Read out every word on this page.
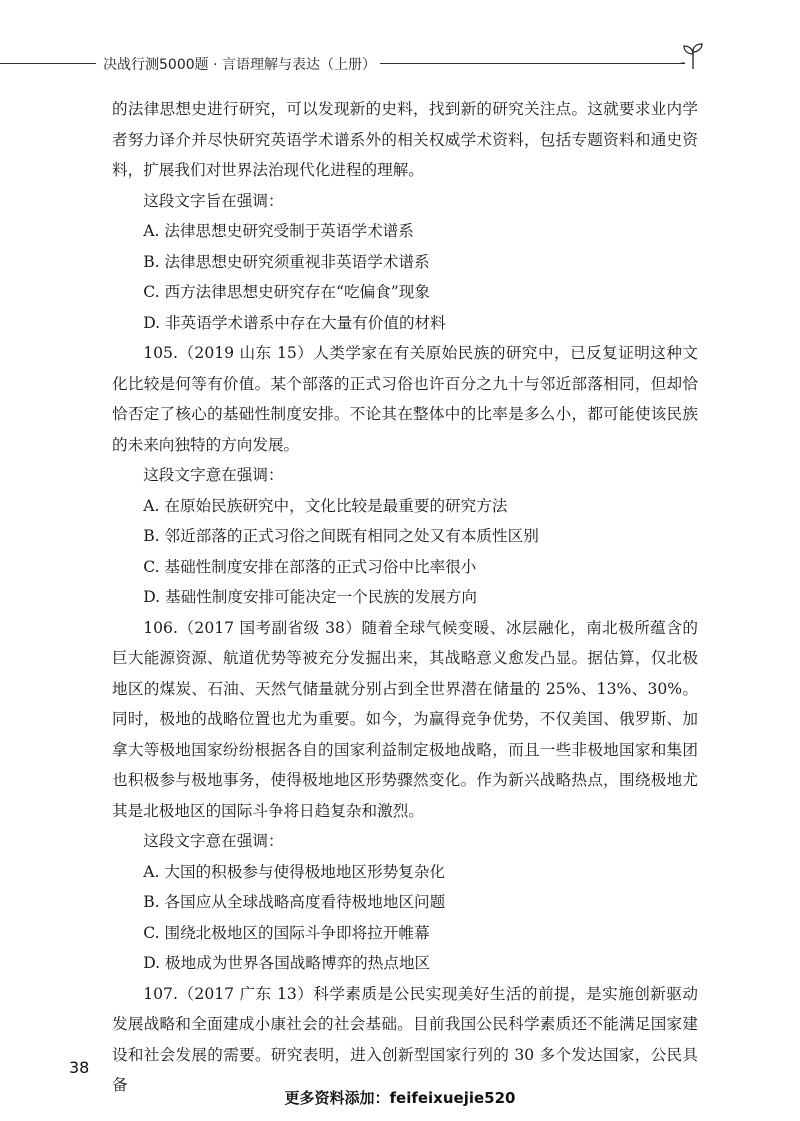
决战行测5000题 · 言语理解与表达（上册）

的法律思想史进行研究，可以发现新的史料，找到新的研究关注点。这就要求业内学者努力译介并尽快研究英语学术谱系外的相关权威学术资料，包括专题资料和通史资料，扩展我们对世界法治现代化进程的理解。

这段文字旨在强调：

A. 法律思想史研究受制于英语学术谱系

B. 法律思想史研究须重视非英语学术谱系

C. 西方法律思想史研究存在“吃偏食”现象

D. 非英语学术谱系中存在大量有价值的材料

105.（2019 山东 15）人类学家在有关原始民族的研究中，已反复证明这种文化比较是何等有价值。某个部落的正式习俗也许百分之九十与邻近部落相同，但却恰恰否定了核心的基础性制度安排。不论其在整体中的比率是多么小，都可能使该民族的未来向独特的方向发展。

这段文字意在强调：

A. 在原始民族研究中，文化比较是最重要的研究方法

B. 邻近部落的正式习俗之间既有相同之处又有本质性区别

C. 基础性制度安排在部落的正式习俗中比率很小

D. 基础性制度安排可能决定一个民族的发展方向

106.（2017 国考副省级 38）随着全球气候变暖、冰层融化，南北极所蕴含的巨大能源资源、航道优势等被充分发掘出来，其战略意义愈发凸显。据估算，仅北极地区的煤炭、石油、天然气储量就分别占到全世界潜在储量的 25%、13%、30%。同时，极地的战略位置也尤为重要。如今，为赢得竞争优势，不仅美国、俄罗斯、加拿大等极地国家纷纷根据各自的国家利益制定极地战略，而且一些非极地国家和集团也积极参与极地事务，使得极地地区形势骤然变化。作为新兴战略热点，围绕极地尤其是北极地区的国际斗争将日趋复杂和激烈。

这段文字意在强调：

A. 大国的积极参与使得极地地区形势复杂化

B. 各国应从全球战略高度看待极地地区问题

C. 围绕北极地区的国际斗争即将拉开帷幕

D. 极地成为世界各国战略博弈的热点地区

107.（2017 广东 13）科学素质是公民实现美好生活的前提，是实施创新驱动发展战略和全面建成小康社会的社会基础。目前我国公民科学素质还不能满足国家建设和社会发展的需要。研究表明，进入创新型国家行列的 30 多个发达国家，公民具备

38
更多资料添加：feifeixuejie520
